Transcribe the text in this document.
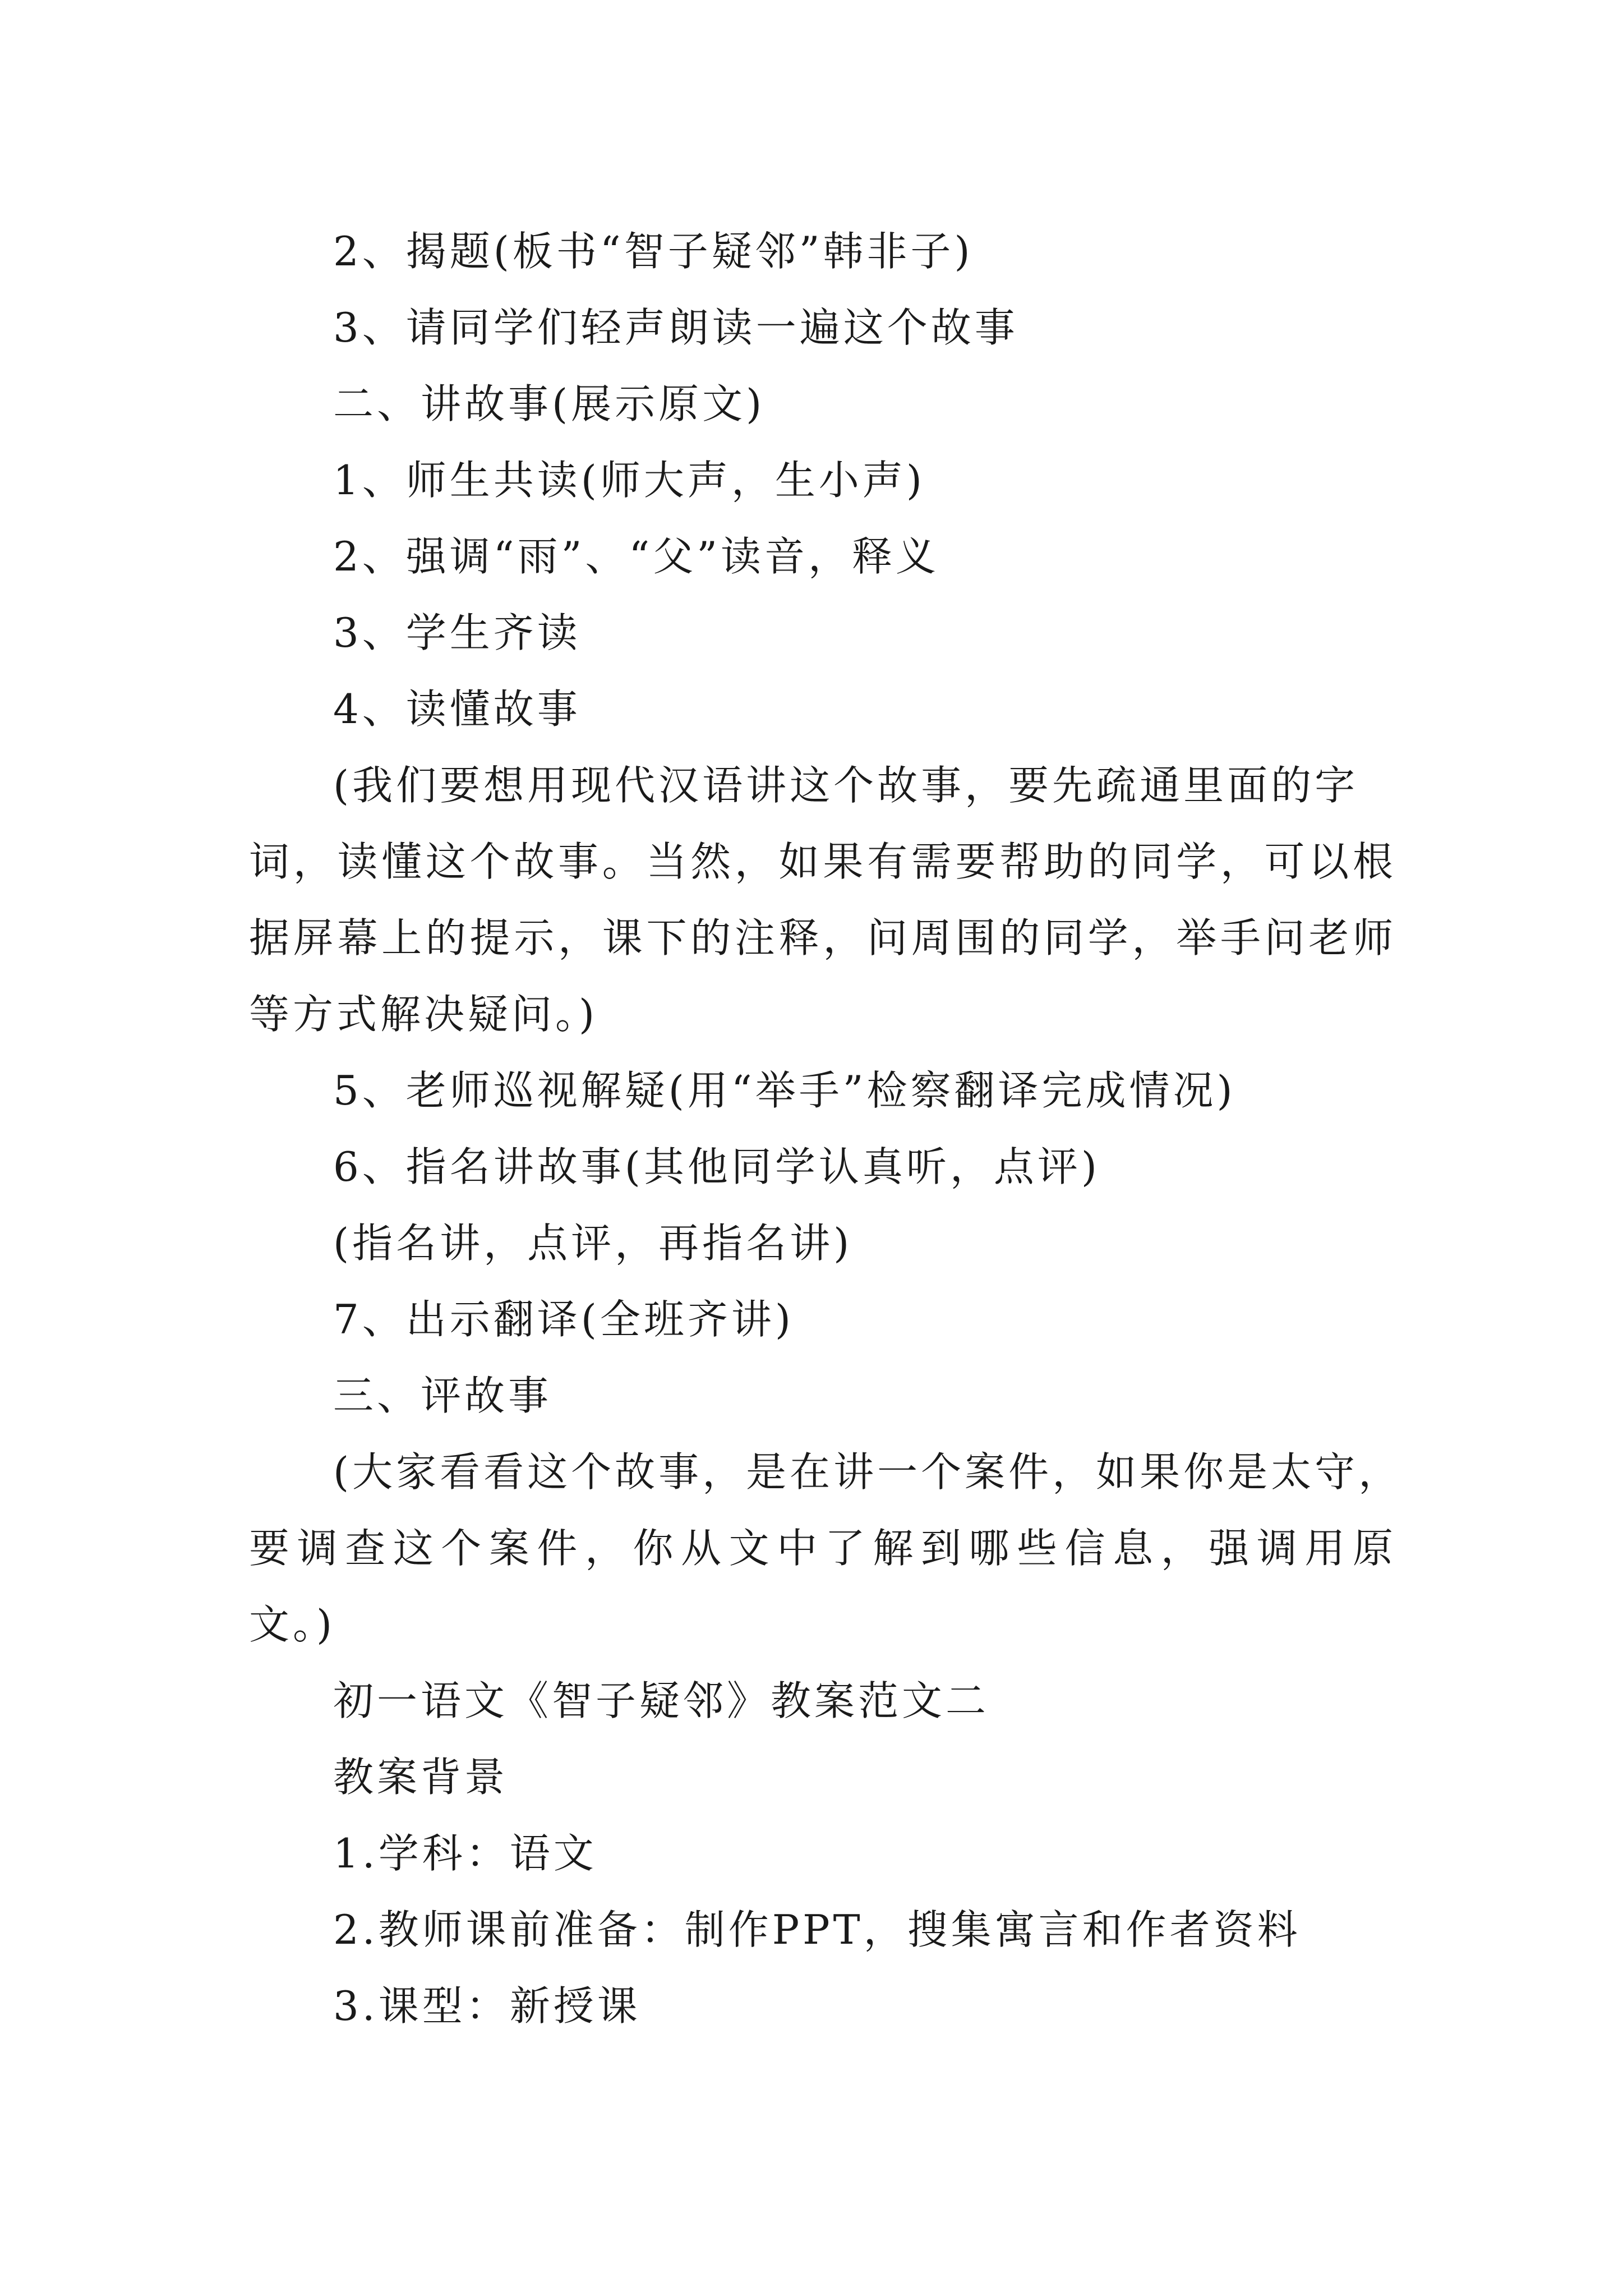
2、揭题(板书“智子疑邻”韩非子)
3、请同学们轻声朗读一遍这个故事
二、讲故事(展示原文)
1、师生共读(师大声，生小声)
2、强调“雨”、“父”读音，释义
3、学生齐读
4、读懂故事
(我们要想用现代汉语讲这个故事，要先疏通里面的字
词，读懂这个故事。当然，如果有需要帮助的同学，可以根
据屏幕上的提示，课下的注释，问周围的同学，举手问老师
等方式解决疑问。)
5、老师巡视解疑(用“举手”检察翻译完成情况)
6、指名讲故事(其他同学认真听，点评)
(指名讲，点评，再指名讲)
7、出示翻译(全班齐讲)
三、评故事
(大家看看这个故事，是在讲一个案件，如果你是太守，
要调查这个案件，你从文中了解到哪些信息，强调用原
文。)
初一语文《智子疑邻》教案范文二
教案背景
1.学科：语文
2.教师课前准备：制作PPT，搜集寓言和作者资料
3.课型：新授课
